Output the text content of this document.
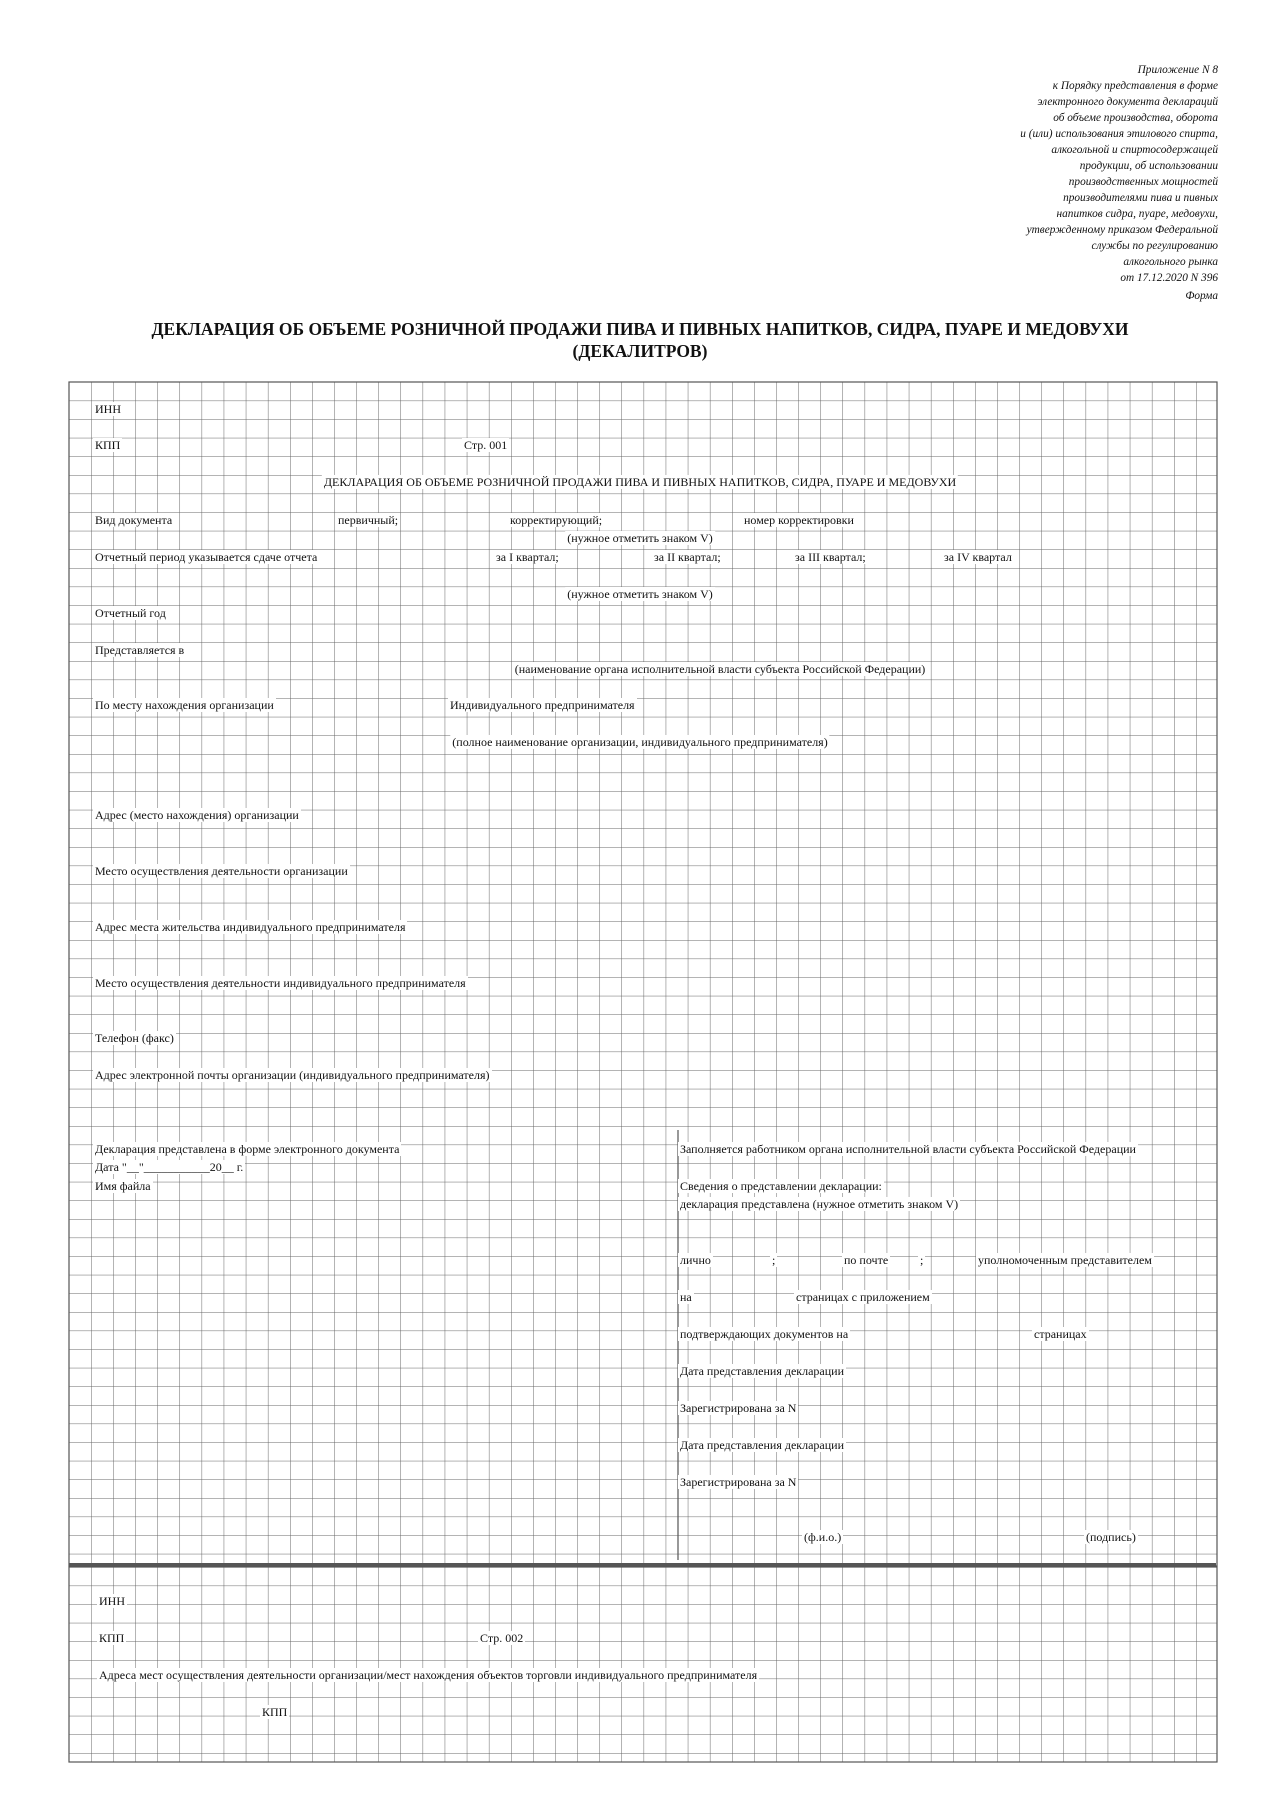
Приложение N 8
к Порядку представления в форме
электронного документа деклараций
об объеме производства, оборота
и (или) использования этилового спирта,
алкогольной и спиртосодержащей
продукции, об использовании
производственных мощностей
производителями пива и пивных
напитков сидра, пуаре, медовухи,
утвержденному приказом Федеральной
службы по регулированию
алкогольного рынка
от 17.12.2020 N 396
Форма
ДЕКЛАРАЦИЯ ОБ ОБЪЕМЕ РОЗНИЧНОЙ ПРОДАЖИ ПИВА И ПИВНЫХ НАПИТКОВ, СИДРА, ПУАРЕ И МЕДОВУХИ
(ДЕКАЛИТРОВ)
ИНН
КПП	Стр. 001
ДЕКЛАРАЦИЯ ОБ ОБЪЕМЕ РОЗНИЧНОЙ ПРОДАЖИ ПИВА И ПИВНЫХ НАПИТКОВ, СИДРА, ПУАРЕ И МЕДОВУХИ
Вид документа	первичный;	корректирующий;	номер корректировки
(нужное отметить знаком V)
Отчетный период указывается сдаче отчета	за I квартал;	за II квартал;	за III квартал;	за IV квартал
(нужное отметить знаком V)
Отчетный год
Представляется в
(наименование органа исполнительной власти субъекта Российской Федерации)
По месту нахождения организации	Индивидуального предпринимателя
(полное наименование организации, индивидуального предпринимателя)
Адрес (место нахождения) организации
Место осуществления деятельности организации
Адрес места жительства индивидуального предпринимателя
Место осуществления деятельности индивидуального предпринимателя
Телефон (факс)
Адрес электронной почты организации (индивидуального предпринимателя)
Декларация представлена в форме электронного документа
Дата "__"___________20__ г.
Имя файла
Заполняется работником органа исполнительной власти субъекта Российской Федерации
Сведения о представлении декларации:
декларация представлена (нужное отметить знаком V)
лично	;	по почте	;	уполномоченным представителем
на	страницах с приложением
подтверждающих документов на	страницах
Дата представления декларации
Зарегистрирована за N
Дата представления декларации
Зарегистрирована за N
(ф.и.о.)	(подпись)
ИНН
КПП	Стр. 002
Адреса мест осуществления деятельности организации/мест нахождения объектов торговли индивидуального предпринимателя
КПП
